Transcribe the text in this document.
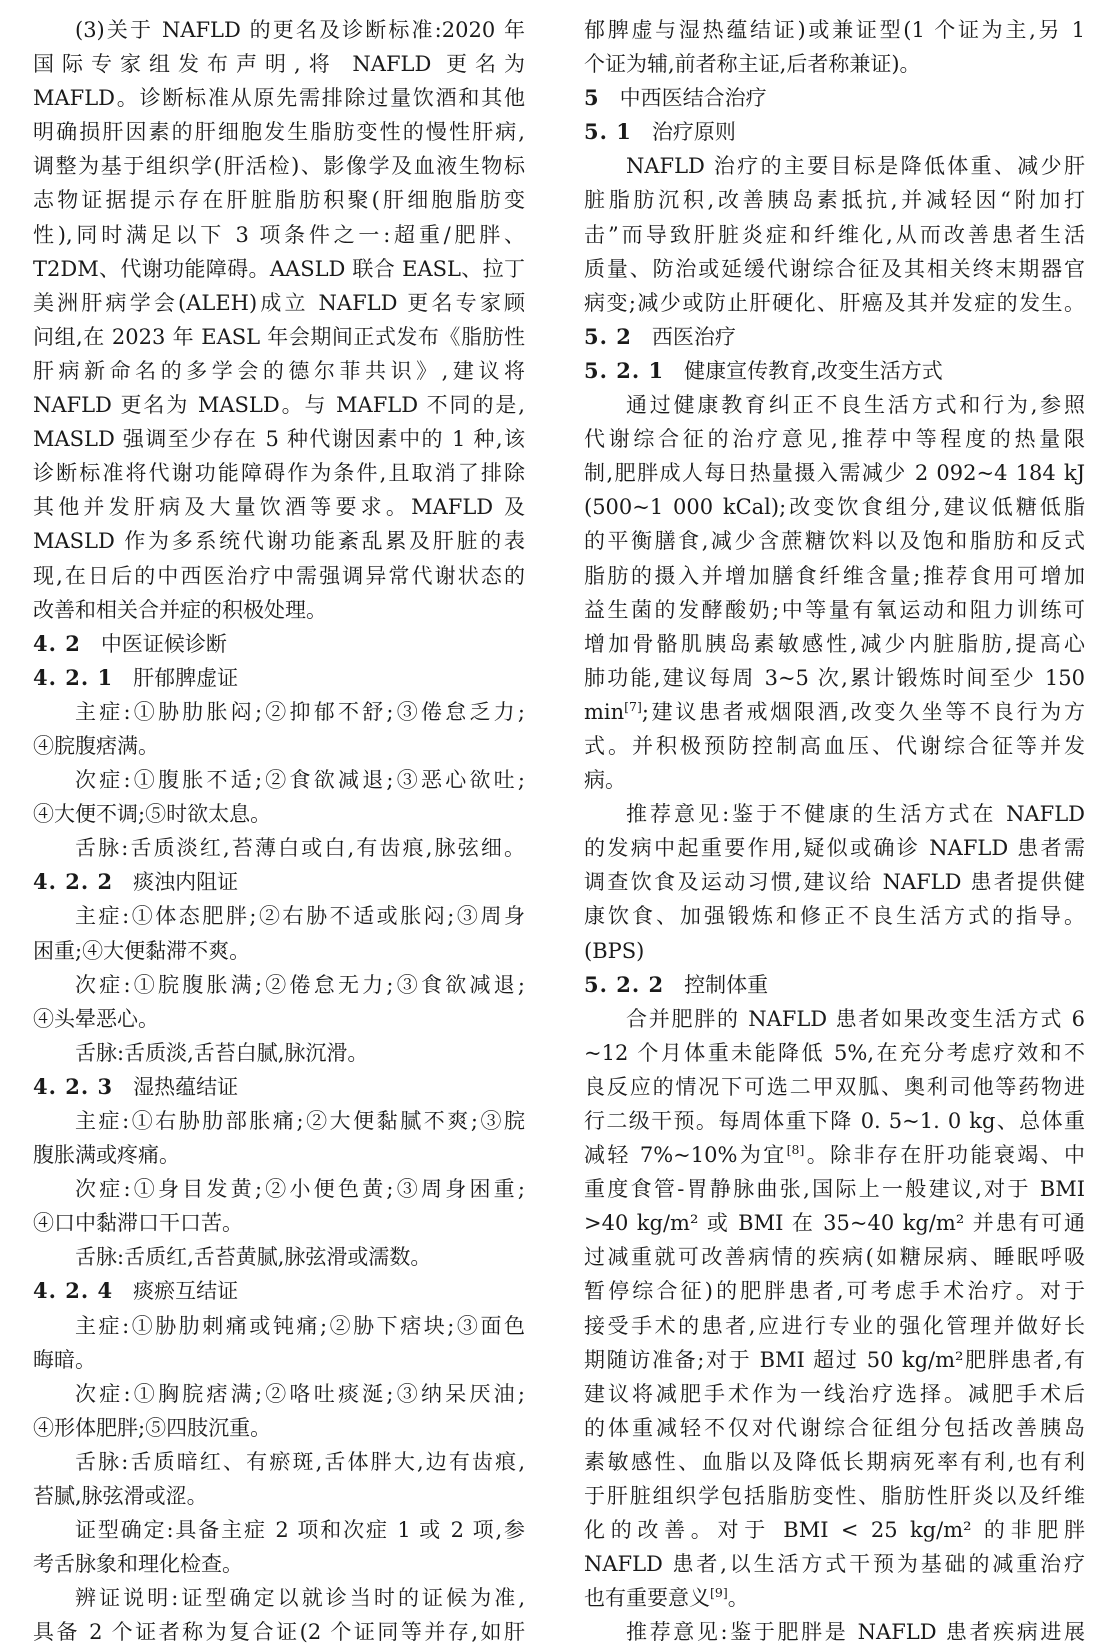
(3)关于 NAFLD 的更名及诊断标准:2020 年
国际专家组发布声明,将 NAFLD 更名为
MAFLD。诊断标准从原先需排除过量饮酒和其他
明确损肝因素的肝细胞发生脂肪变性的慢性肝病,
调整为基于组织学(肝活检)、影像学及血液生物标
志物证据提示存在肝脏脂肪积聚(肝细胞脂肪变
性),同时满足以下 3 项条件之一:超重/肥胖、
T2DM、代谢功能障碍。AASLD 联合 EASL、拉丁
美洲肝病学会(ALEH)成立 NAFLD 更名专家顾
问组,在 2023 年 EASL 年会期间正式发布《脂肪性
肝病新命名的多学会的德尔菲共识》,建议将
NAFLD 更名为 MASLD。与 MAFLD 不同的是,
MASLD 强调至少存在 5 种代谢因素中的 1 种,该
诊断标准将代谢功能障碍作为条件,且取消了排除
其他并发肝病及大量饮酒等要求。MAFLD 及
MASLD 作为多系统代谢功能紊乱累及肝脏的表
现,在日后的中西医治疗中需强调异常代谢状态的
改善和相关合并症的积极处理。
4. 2 中医证候诊断
4. 2. 1 肝郁脾虚证
主症:①胁肋胀闷;②抑郁不舒;③倦怠乏力;
④脘腹痞满。
次症:①腹胀不适;②食欲减退;③恶心欲吐;
④大便不调;⑤时欲太息。
舌脉:舌质淡红,苔薄白或白,有齿痕,脉弦细。
4. 2. 2 痰浊内阻证
主症:①体态肥胖;②右胁不适或胀闷;③周身
困重;④大便黏滞不爽。
次症:①脘腹胀满;②倦怠无力;③食欲减退;
④头晕恶心。
舌脉:舌质淡,舌苔白腻,脉沉滑。
4. 2. 3 湿热蕴结证
主症:①右胁肋部胀痛;②大便黏腻不爽;③脘
腹胀满或疼痛。
次症:①身目发黄;②小便色黄;③周身困重;
④口中黏滞口干口苦。
舌脉:舌质红,舌苔黄腻,脉弦滑或濡数。
4. 2. 4 痰瘀互结证
主症:①胁肋刺痛或钝痛;②胁下痞块;③面色
晦暗。
次症:①胸脘痞满;②咯吐痰涎;③纳呆厌油;
④形体肥胖;⑤四肢沉重。
舌脉:舌质暗红、有瘀斑,舌体胖大,边有齿痕,
苔腻,脉弦滑或涩。
证型确定:具备主症 2 项和次症 1 或 2 项,参
考舌脉象和理化检查。
辨证说明:证型确定以就诊当时的证候为准,
具备 2 个证者称为复合证(2 个证同等并存,如肝
郁脾虚与湿热蕴结证)或兼证型(1 个证为主,另 1
个证为辅,前者称主证,后者称兼证)。
5 中西医结合治疗
5. 1 治疗原则
NAFLD 治疗的主要目标是降低体重、减少肝
脏脂肪沉积,改善胰岛素抵抗,并减轻因“附加打
击”而导致肝脏炎症和纤维化,从而改善患者生活
质量、防治或延缓代谢综合征及其相关终末期器官
病变;减少或防止肝硬化、肝癌及其并发症的发生。
5. 2 西医治疗
5. 2. 1 健康宣传教育,改变生活方式
通过健康教育纠正不良生活方式和行为,参照
代谢综合征的治疗意见,推荐中等程度的热量限
制,肥胖成人每日热量摄入需减少 2 092~4 184 kJ
(500~1 000 kCal);改变饮食组分,建议低糖低脂
的平衡膳食,减少含蔗糖饮料以及饱和脂肪和反式
脂肪的摄入并增加膳食纤维含量;推荐食用可增加
益生菌的发酵酸奶;中等量有氧运动和阻力训练可
增加骨骼肌胰岛素敏感性,减少内脏脂肪,提高心
肺功能,建议每周 3~5 次,累计锻炼时间至少 150
min[7];建议患者戒烟限酒,改变久坐等不良行为方
式。并积极预防控制高血压、代谢综合征等并发
病。
推荐意见:鉴于不健康的生活方式在 NAFLD
的发病中起重要作用,疑似或确诊 NAFLD 患者需
调查饮食及运动习惯,建议给 NAFLD 患者提供健
康饮食、加强锻炼和修正不良生活方式的指导。
(BPS)
5. 2. 2 控制体重
合并肥胖的 NAFLD 患者如果改变生活方式 6
~12 个月体重未能降低 5%,在充分考虑疗效和不
良反应的情况下可选二甲双胍、奥利司他等药物进
行二级干预。每周体重下降 0. 5~1. 0 kg、总体重
减轻 7%~10%为宜[8]。除非存在肝功能衰竭、中
重度食管-胃静脉曲张,国际上一般建议,对于 BMI
>40 kg/m² 或 BMI 在 35~40 kg/m² 并患有可通
过减重就可改善病情的疾病(如糖尿病、睡眠呼吸
暂停综合征)的肥胖患者,可考虑手术治疗。对于
接受手术的患者,应进行专业的强化管理并做好长
期随访准备;对于 BMI 超过 50 kg/m²肥胖患者,有
建议将减肥手术作为一线治疗选择。减肥手术后
的体重减轻不仅对代谢综合征组分包括改善胰岛
素敏感性、血脂以及降低长期病死率有利,也有利
于肝脏组织学包括脂肪变性、脂肪性肝炎以及纤维
化的改善。对于 BMI < 25 kg/m² 的非肥胖
NAFLD 患者,以生活方式干预为基础的减重治疗
也有重要意义[9]。
推荐意见:鉴于肥胖是 NAFLD 患者疾病进展
